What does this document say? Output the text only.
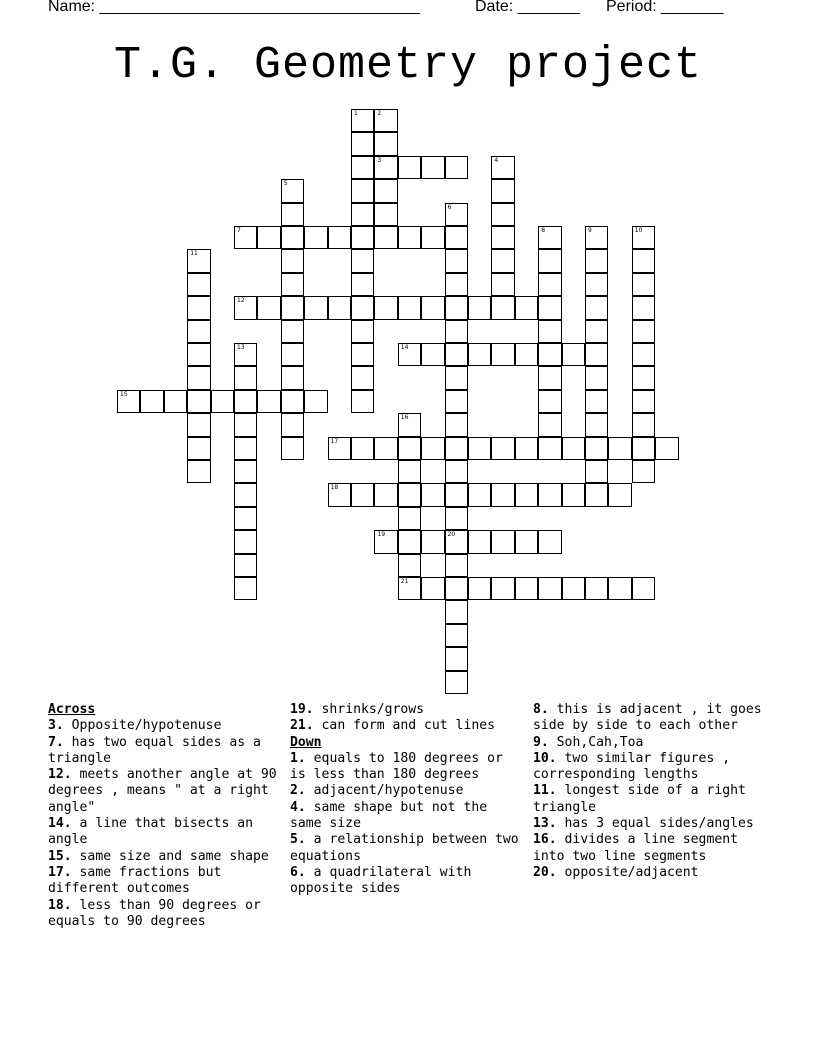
Name: ____________________________________	Date: _______ Period: _______
T.G. Geometry project
1	2
3	4
5
6
20
7	8	9	10
11
12
13	14
15
16
21
17
18
19
Across
3. Opposite/hypotenuse
7. has two equal sides as a triangle
12. meets another angle at 90 degrees , means " at a right angle"
14. a line that bisects an angle
15. same size and same shape
17. same fractions but different outcomes
18. less than 90 degrees or equals to 90 degrees
19. shrinks/grows
21. can form and cut lines
Down
1. equals to 180 degrees or is less than 180 degrees
2. adjacent/hypotenuse
4. same shape but not the same size
5. a relationship between two equations
6. a quadrilateral with opposite sides
8. this is adjacent , it goes side by side to each other
9. Soh,Cah,Toa
10. two similar figures , corresponding lengths
11. longest side of a right triangle
13. has 3 equal sides/angles
16. divides a line segment into two line segments
20. opposite/adjacent
